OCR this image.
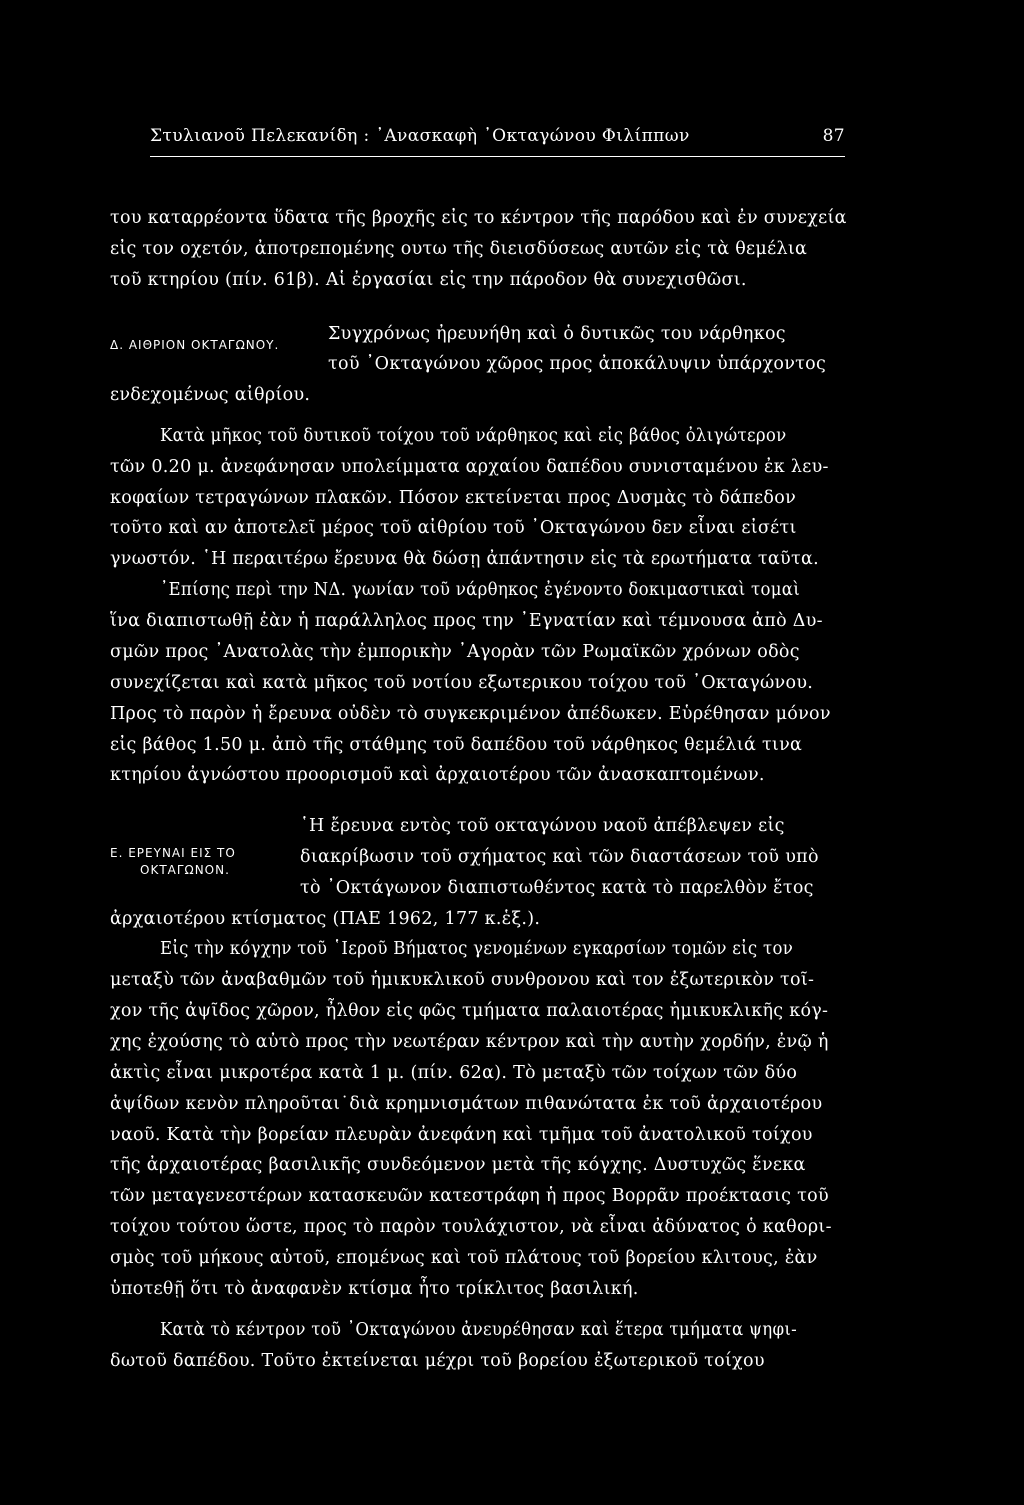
Στυλιανοῦ Πελεκανίδη : ᾿Ανασκαφὴ ᾿Οκταγώνου Φιλίππων	87
του καταρρέοντα ὕδατα τῆς βροχῆς εἰς το κέντρον τῆς παρόδου καὶ ἐν συνεχεία
εἰς τον οχετόν, ἀποτρεπομένης ουτω τῆς διεισδύσεως αυτῶν εἰς τὰ θεμέλια
τοῦ κτηρίου (πίν. 61β). Αἱ ἐργασίαι εἰς την πάροδον θὰ συνεχισθῶσι.
Δ. ΑΙΘΡΙΟΝ ΟΚΤΑΓΩΝΟΥ.
Συγχρόνως ἠρευνήθη καὶ ὁ δυτικῶς του νάρθηκος
τοῦ ᾿Οκταγώνου χῶρος προς ἀποκάλυψιν ὑπάρχοντος
ενδεχομένως αἰθρίου.
Κατὰ μῆκος τοῦ δυτικοῦ τοίχου τοῦ νάρθηκος καὶ εἰς βάθος ὀλιγώτερον
τῶν 0.20 μ. ἀνεφάνησαν υπολείμματα αρχαίου δαπέδου συνισταμένου ἐκ λευ-
κοφαίων τετραγώνων πλακῶν. Πόσον εκτείνεται προς Δυσμὰς τὸ δάπεδον
τοῦτο καὶ αν ἀποτελεῖ μέρος τοῦ αἰθρίου τοῦ ᾿Οκταγώνου δεν εἶναι εἰσέτι
γνωστόν. ῾Η περαιτέρω ἔρευνα θὰ δώσῃ ἀπάντησιν εἰς τὰ ερωτήματα ταῦτα.
᾿Επίσης περὶ την ΝΔ. γωνίαν τοῦ νάρθηκος ἐγένοντο δοκιμαστικαὶ τομαὶ
ἵνα διαπιστωθῇ ἐὰν ἡ παράλληλος προς την ᾿Εγνατίαν καὶ τέμνουσα ἀπὸ Δυ-
σμῶν προς ᾿Ανατολὰς τὴν ἐμπορικὴν ᾿Αγορὰν τῶν Ρωμαϊκῶν χρόνων οδὸς
συνεχίζεται καὶ κατὰ μῆκος τοῦ νοτίου εξωτερικου τοίχου τοῦ ᾿Οκταγώνου.
Προς τὸ παρὸν ἡ ἔρευνα οὐδὲν τὸ συγκεκριμένον ἀπέδωκεν. Εὑρέθησαν μόνον
εἰς βάθος 1.50 μ. ἀπὸ τῆς στάθμης τοῦ δαπέδου τοῦ νάρθηκος θεμέλιά τινα
κτηρίου ἀγνώστου προορισμοῦ καὶ ἀρχαιοτέρου τῶν ἀνασκαπτομένων.
Ε. ΕΡΕΥΝΑΙ ΕΙΣ ΤΟ
ΟΚΤΑΓΩΝΟΝ.
῾Η ἔρευνα εντὸς τοῦ οκταγώνου ναοῦ ἀπέβλεψεν εἰς
διακρίβωσιν τοῦ σχήματος καὶ τῶν διαστάσεων τοῦ υπὸ
τὸ ᾿Οκτάγωνον διαπιστωθέντος κατὰ τὸ παρελθὸν ἔτος
ἀρχαιοτέρου κτίσματος (ΠΑΕ 1962, 177 κ.ἑξ.).
Εἰς τὴν κόγχην τοῦ ῾Ιεροῦ Βήματος γενομένων εγκαρσίων τομῶν εἰς τον
μεταξὺ τῶν ἀναβαθμῶν τοῦ ἡμικυκλικοῦ συνθρονου καὶ τον ἐξωτερικὸν τοῖ-
χον τῆς ἀψῖδος χῶρον, ἦλθον εἰς φῶς τμήματα παλαιοτέρας ἡμικυκλικῆς κόγ-
χης ἐχούσης τὸ αὐτὸ προς τὴν νεωτέραν κέντρον καὶ τὴν αυτὴν χορδήν, ἐνῷ ἡ
ἀκτὶς εἶναι μικροτέρα κατὰ 1 μ. (πίν. 62α). Τὸ μεταξὺ τῶν τοίχων τῶν δύο
ἀψίδων κενὸν πληροῦται˙διὰ κρημνισμάτων πιθανώτατα ἐκ τοῦ ἀρχαιοτέρου
ναοῦ. Κατὰ τὴν βορείαν πλευρὰν ἀνεφάνη καὶ τμῆμα τοῦ ἀνατολικοῦ τοίχου
τῆς ἀρχαιοτέρας βασιλικῆς συνδεόμενον μετὰ τῆς κόγχης. Δυστυχῶς ἕνεκα
τῶν μεταγενεστέρων κατασκευῶν κατεστράφη ἡ προς Βορρᾶν προέκτασις τοῦ
τοίχου τούτου ὥστε, προς τὸ παρὸν τουλάχιστον, νὰ εἶναι ἀδύνατος ὁ καθορι-
σμὸς τοῦ μήκους αὐτοῦ, επομένως καὶ τοῦ πλάτους τοῦ βορείου κλιτους, ἐὰν
ὑποτεθῇ ὅτι τὸ ἀναφανὲν κτίσμα ἦτο τρίκλιτος βασιλική.
Κατὰ τὸ κέντρον τοῦ ᾿Οκταγώνου ἀνευρέθησαν καὶ ἕτερα τμήματα ψηφι-
δωτοῦ δαπέδου. Τοῦτο ἐκτείνεται μέχρι τοῦ βορείου ἐξωτερικοῦ τοίχου
